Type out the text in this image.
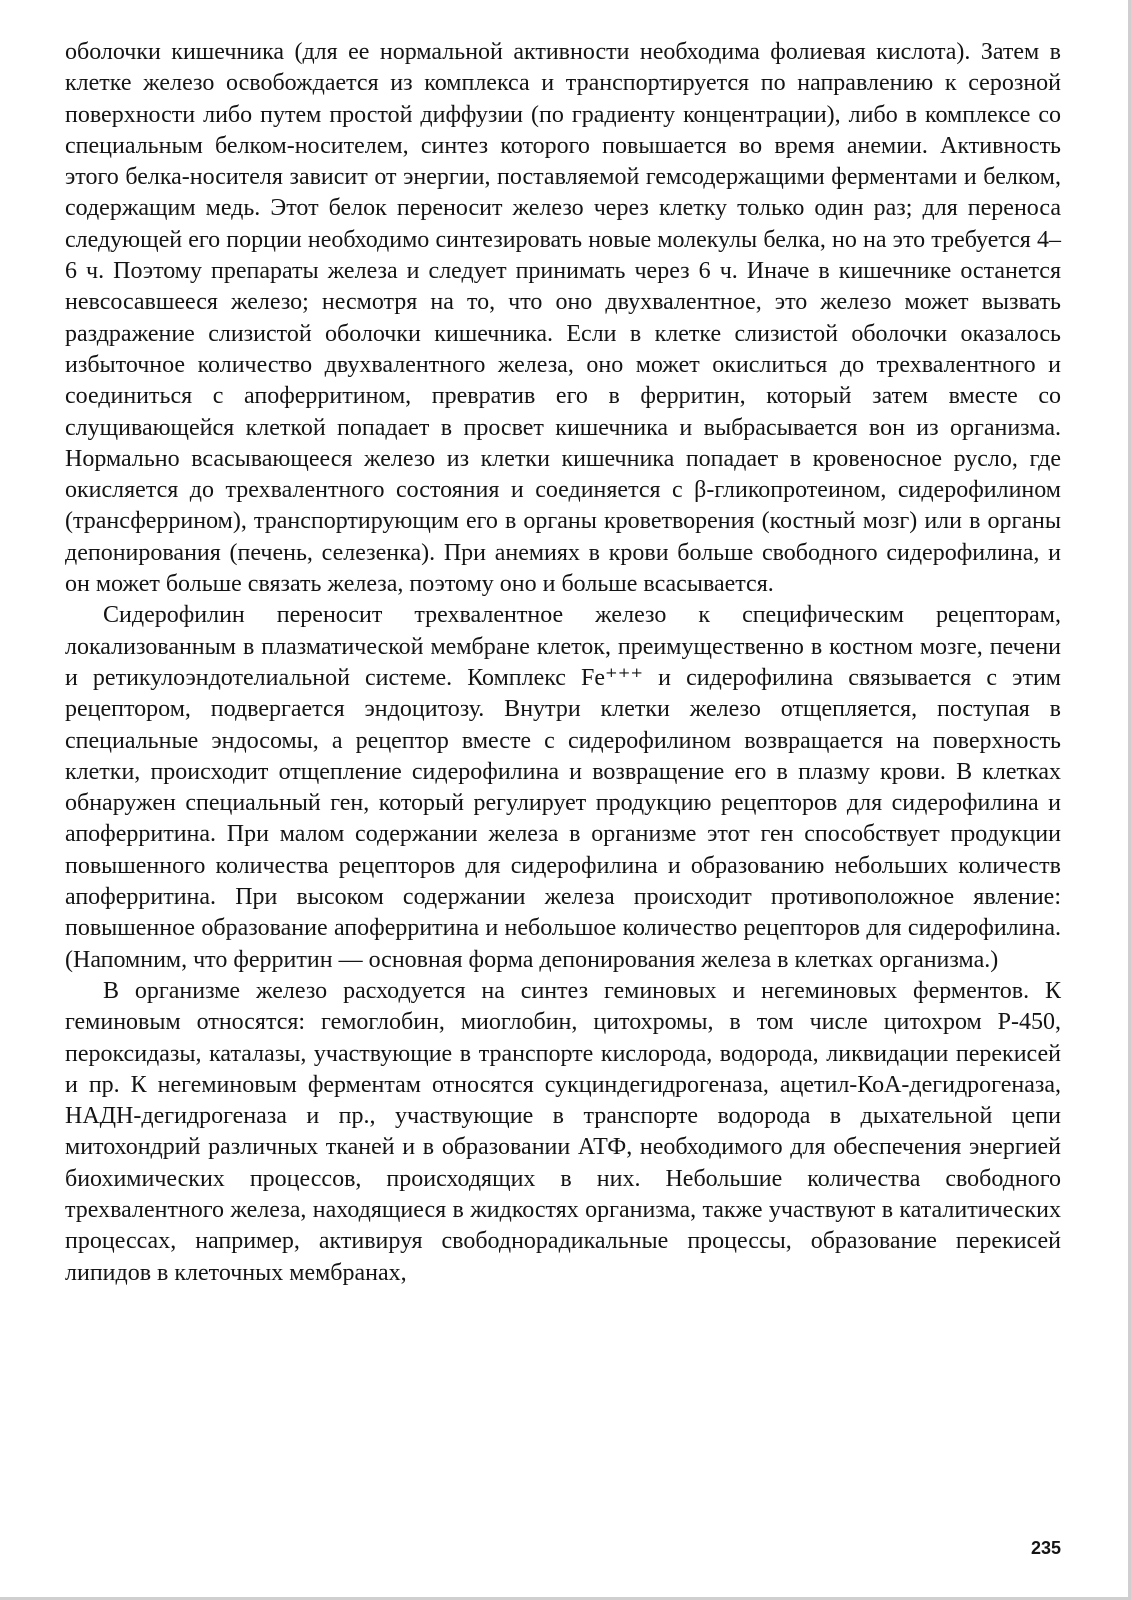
оболочки кишечника (для ее нормальной активности необходима фолиевая кислота). Затем в клетке железо освобождается из комплекса и транспортируется по направлению к серозной поверхности либо путем простой диффузии (по градиенту концентрации), либо в комплексе со специальным белком-носителем, синтез которого повышается во время анемии. Активность этого белка-носителя зависит от энергии, поставляемой гемсодержащими ферментами и белком, содержащим медь. Этот белок переносит железо через клетку только один раз; для переноса следующей его порции необходимо синтезировать новые молекулы белка, но на это требуется 4–6 ч. Поэтому препараты железа и следует принимать через 6 ч. Иначе в кишечнике останется невсосавшееся железо; несмотря на то, что оно двухвалентное, это железо может вызвать раздражение слизистой оболочки кишечника. Если в клетке слизистой оболочки оказалось избыточное количество двухвалентного железа, оно может окислиться до трехвалентного и соединиться с апоферритином, превратив его в ферритин, который затем вместе со слущивающейся клеткой попадает в просвет кишечника и выбрасывается вон из организма. Нормально всасывающееся железо из клетки кишечника попадает в кровеносное русло, где окисляется до трехвалентного состояния и соединяется с β-гликопротеином, сидерофилином (трансферрином), транспортирующим его в органы кроветворения (костный мозг) или в органы депонирования (печень, селезенка). При анемиях в крови больше свободного сидерофилина, и он может больше связать железа, поэтому оно и больше всасывается.

Сидерофилин переносит трехвалентное железо к специфическим рецепторам, локализованным в плазматической мембране клеток, преимущественно в костном мозге, печени и ретикулоэндотелиальной системе. Комплекс Fe⁺⁺⁺ и сидерофилина связывается с этим рецептором, подвергается эндоцитозу. Внутри клетки железо отщепляется, поступая в специальные эндосомы, а рецептор вместе с сидерофилином возвращается на поверхность клетки, происходит отщепление сидерофилина и возвращение его в плазму крови. В клетках обнаружен специальный ген, который регулирует продукцию рецепторов для сидерофилина и апоферритина. При малом содержании железа в организме этот ген способствует продукции повышенного количества рецепторов для сидерофилина и образованию небольших количеств апоферритина. При высоком содержании железа происходит противоположное явление: повышенное образование апоферритина и небольшое количество рецепторов для сидерофилина. (Напомним, что ферритин — основная форма депонирования железа в клетках организма.)

В организме железо расходуется на синтез геминовых и негеминовых ферментов. К геминовым относятся: гемоглобин, миоглобин, цитохромы, в том числе цитохром Р-450, пероксидазы, каталазы, участвующие в транспорте кислорода, водорода, ликвидации перекисей и пр. К негеминовым ферментам относятся сукциндегидрогеназа, ацетил-КоА-дегидрогеназа, НАДН-дегидрогеназа и пр., участвующие в транспорте водорода в дыхательной цепи митохондрий различных тканей и в образовании АТФ, необходимого для обеспечения энергией биохимических процессов, происходящих в них. Небольшие количества свободного трехвалентного железа, находящиеся в жидкостях организма, также участвуют в каталитических процессах, например, активируя свободнорадикальные процессы, образование перекисей липидов в клеточных мембранах,

235
